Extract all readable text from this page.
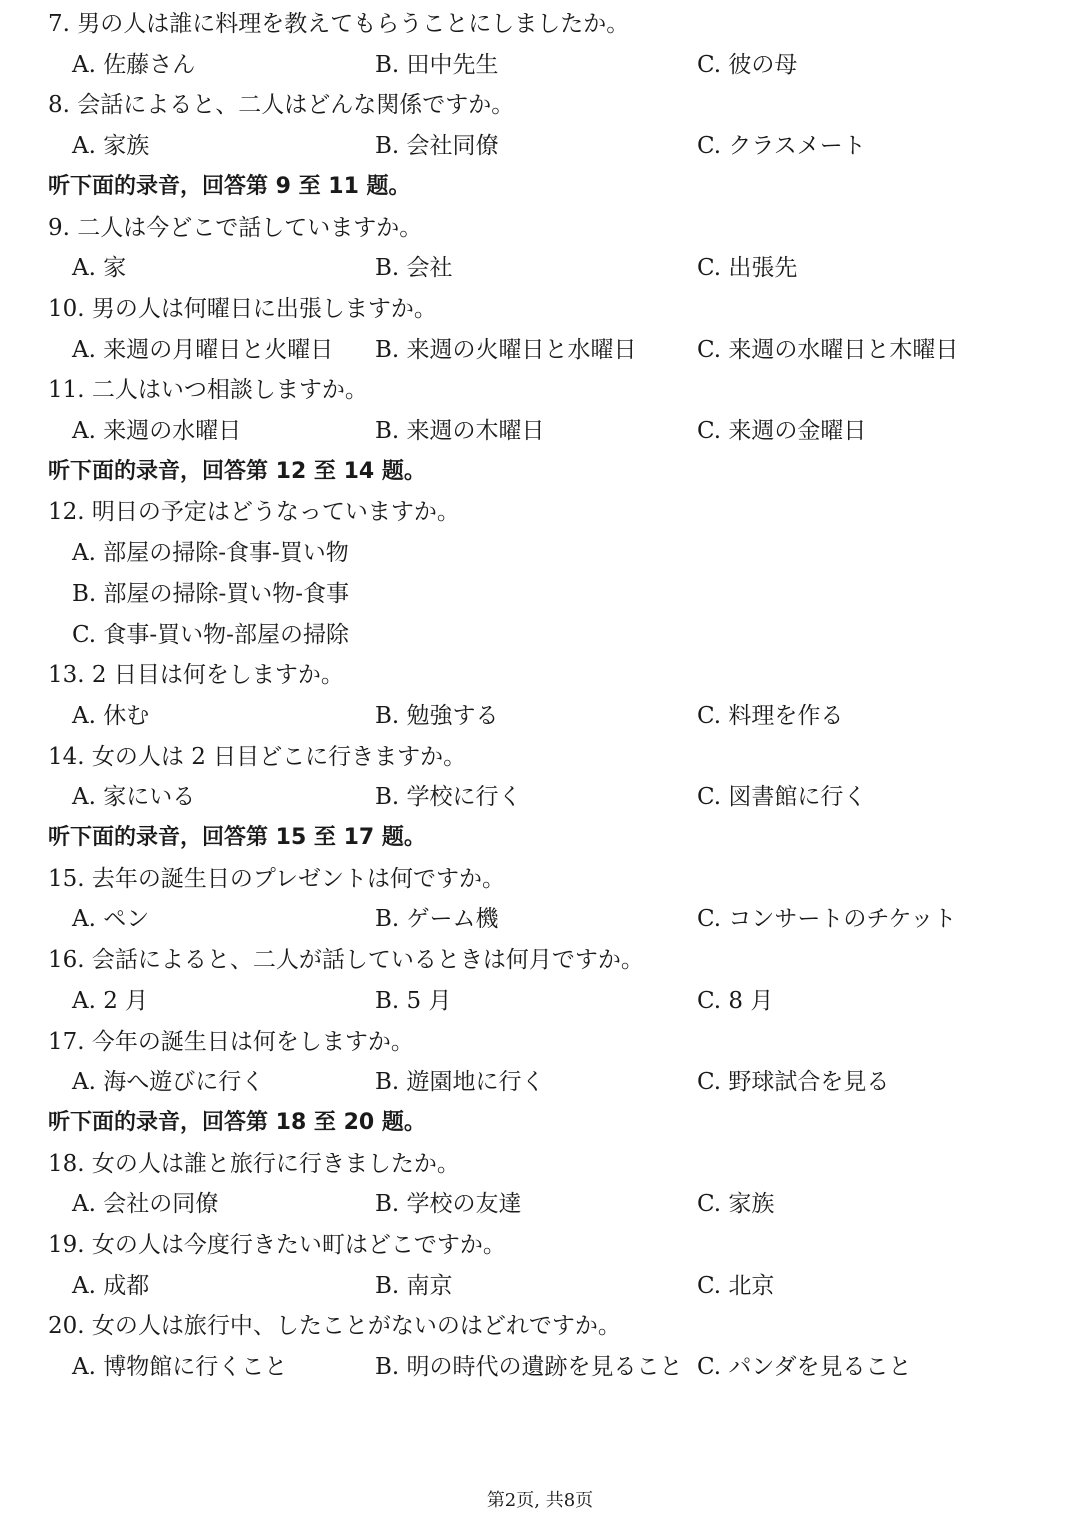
7. 男の人は誰に料理を教えてもらうことにしましたか。
A. 佐藤さん	B. 田中先生	C. 彼の母
8. 会話によると、二人はどんな関係ですか。
A. 家族	B. 会社同僚	C. クラスメート
听下面的录音，回答第 9 至 11 题。
9. 二人は今どこで話していますか。
A. 家	B. 会社	C. 出張先
10. 男の人は何曜日に出張しますか。
A. 来週の月曜日と火曜日 B. 来週の火曜日と水曜日	C. 来週の水曜日と木曜日
11. 二人はいつ相談しますか。
A. 来週の水曜日	B. 来週の木曜日	C. 来週の金曜日
听下面的录音，回答第 12 至 14 题。
12. 明日の予定はどうなっていますか。
A. 部屋の掃除-食事-買い物
B. 部屋の掃除-買い物-食事
C. 食事-買い物-部屋の掃除
13. 2 日目は何をしますか。
A. 休む	B. 勉強する	C. 料理を作る
14. 女の人は 2 日目どこに行きますか。
A. 家にいる	B. 学校に行く	C. 図書館に行く
听下面的录音，回答第 15 至 17 题。
15. 去年の誕生日のプレゼントは何ですか。
A. ペン	B. ゲーム機	C. コンサートのチケット
16. 会話によると、二人が話しているときは何月ですか。
A. 2 月	B. 5 月	C. 8 月
17. 今年の誕生日は何をしますか。
A. 海へ遊びに行く	B. 遊園地に行く	C. 野球試合を見る
听下面的录音，回答第 18 至 20 题。
18. 女の人は誰と旅行に行きましたか。
A. 会社の同僚	B. 学校の友達	C. 家族
19. 女の人は今度行きたい町はどこですか。
A. 成都	B. 南京	C. 北京
20. 女の人は旅行中、したことがないのはどれですか。
A. 博物館に行くこと	B. 明の時代の遺跡を見ること C. パンダを見ること
第2页, 共8页
